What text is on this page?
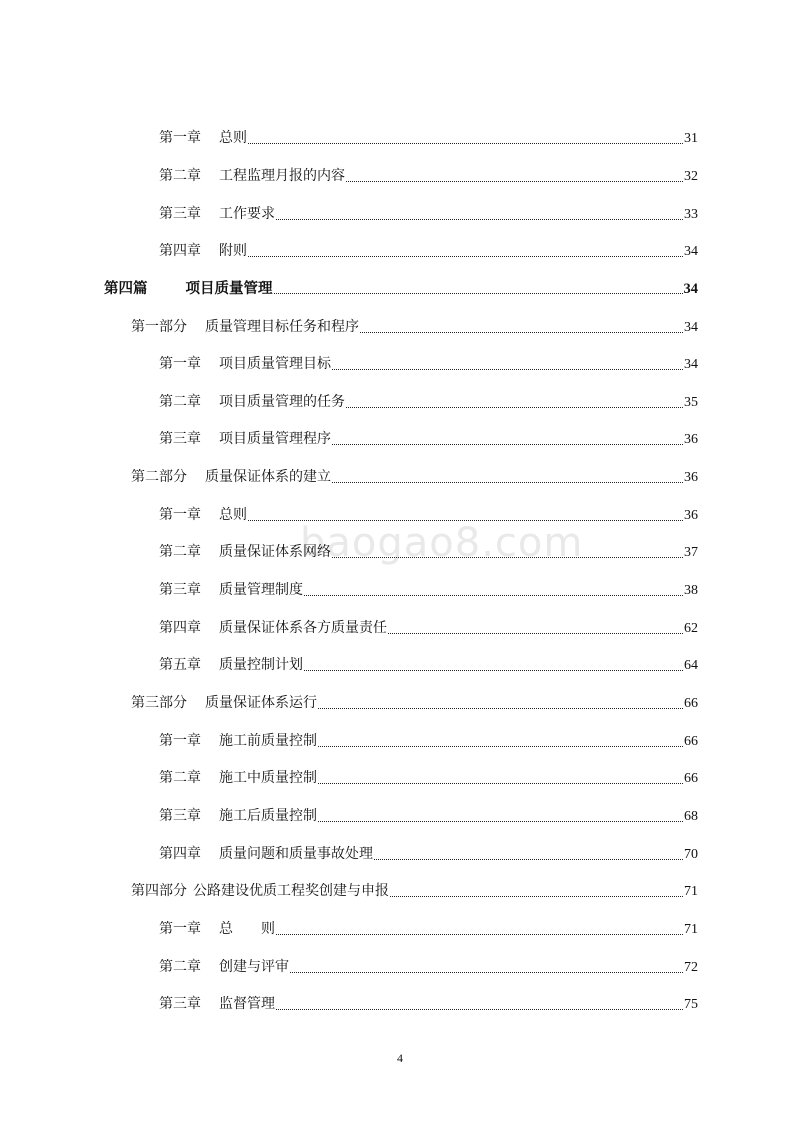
baogao8.com
第一章 总则	31
第二章 工程监理月报的内容	32
第三章 工作要求	33
第四章 附则	34
第四篇	项目质量管理	34
第一部分 质量管理目标任务和程序	34
第一章 项目质量管理目标	34
第二章 项目质量管理的任务	35
第三章 项目质量管理程序	36
第二部分 质量保证体系的建立	36
第一章 总则	36
第二章 质量保证体系网络	37
第三章 质量管理制度	38
第四章 质量保证体系各方质量责任	62
第五章 质量控制计划	64
第三部分 质量保证体系运行	66
第一章 施工前质量控制	66
第二章 施工中质量控制	66
第三章 施工后质量控制	68
第四章 质量问题和质量事故处理	70
第四部分 公路建设优质工程奖创建与申报	71
第一章 总　　则	71
第二章 创建与评审	72
第三章 监督管理	75
4
